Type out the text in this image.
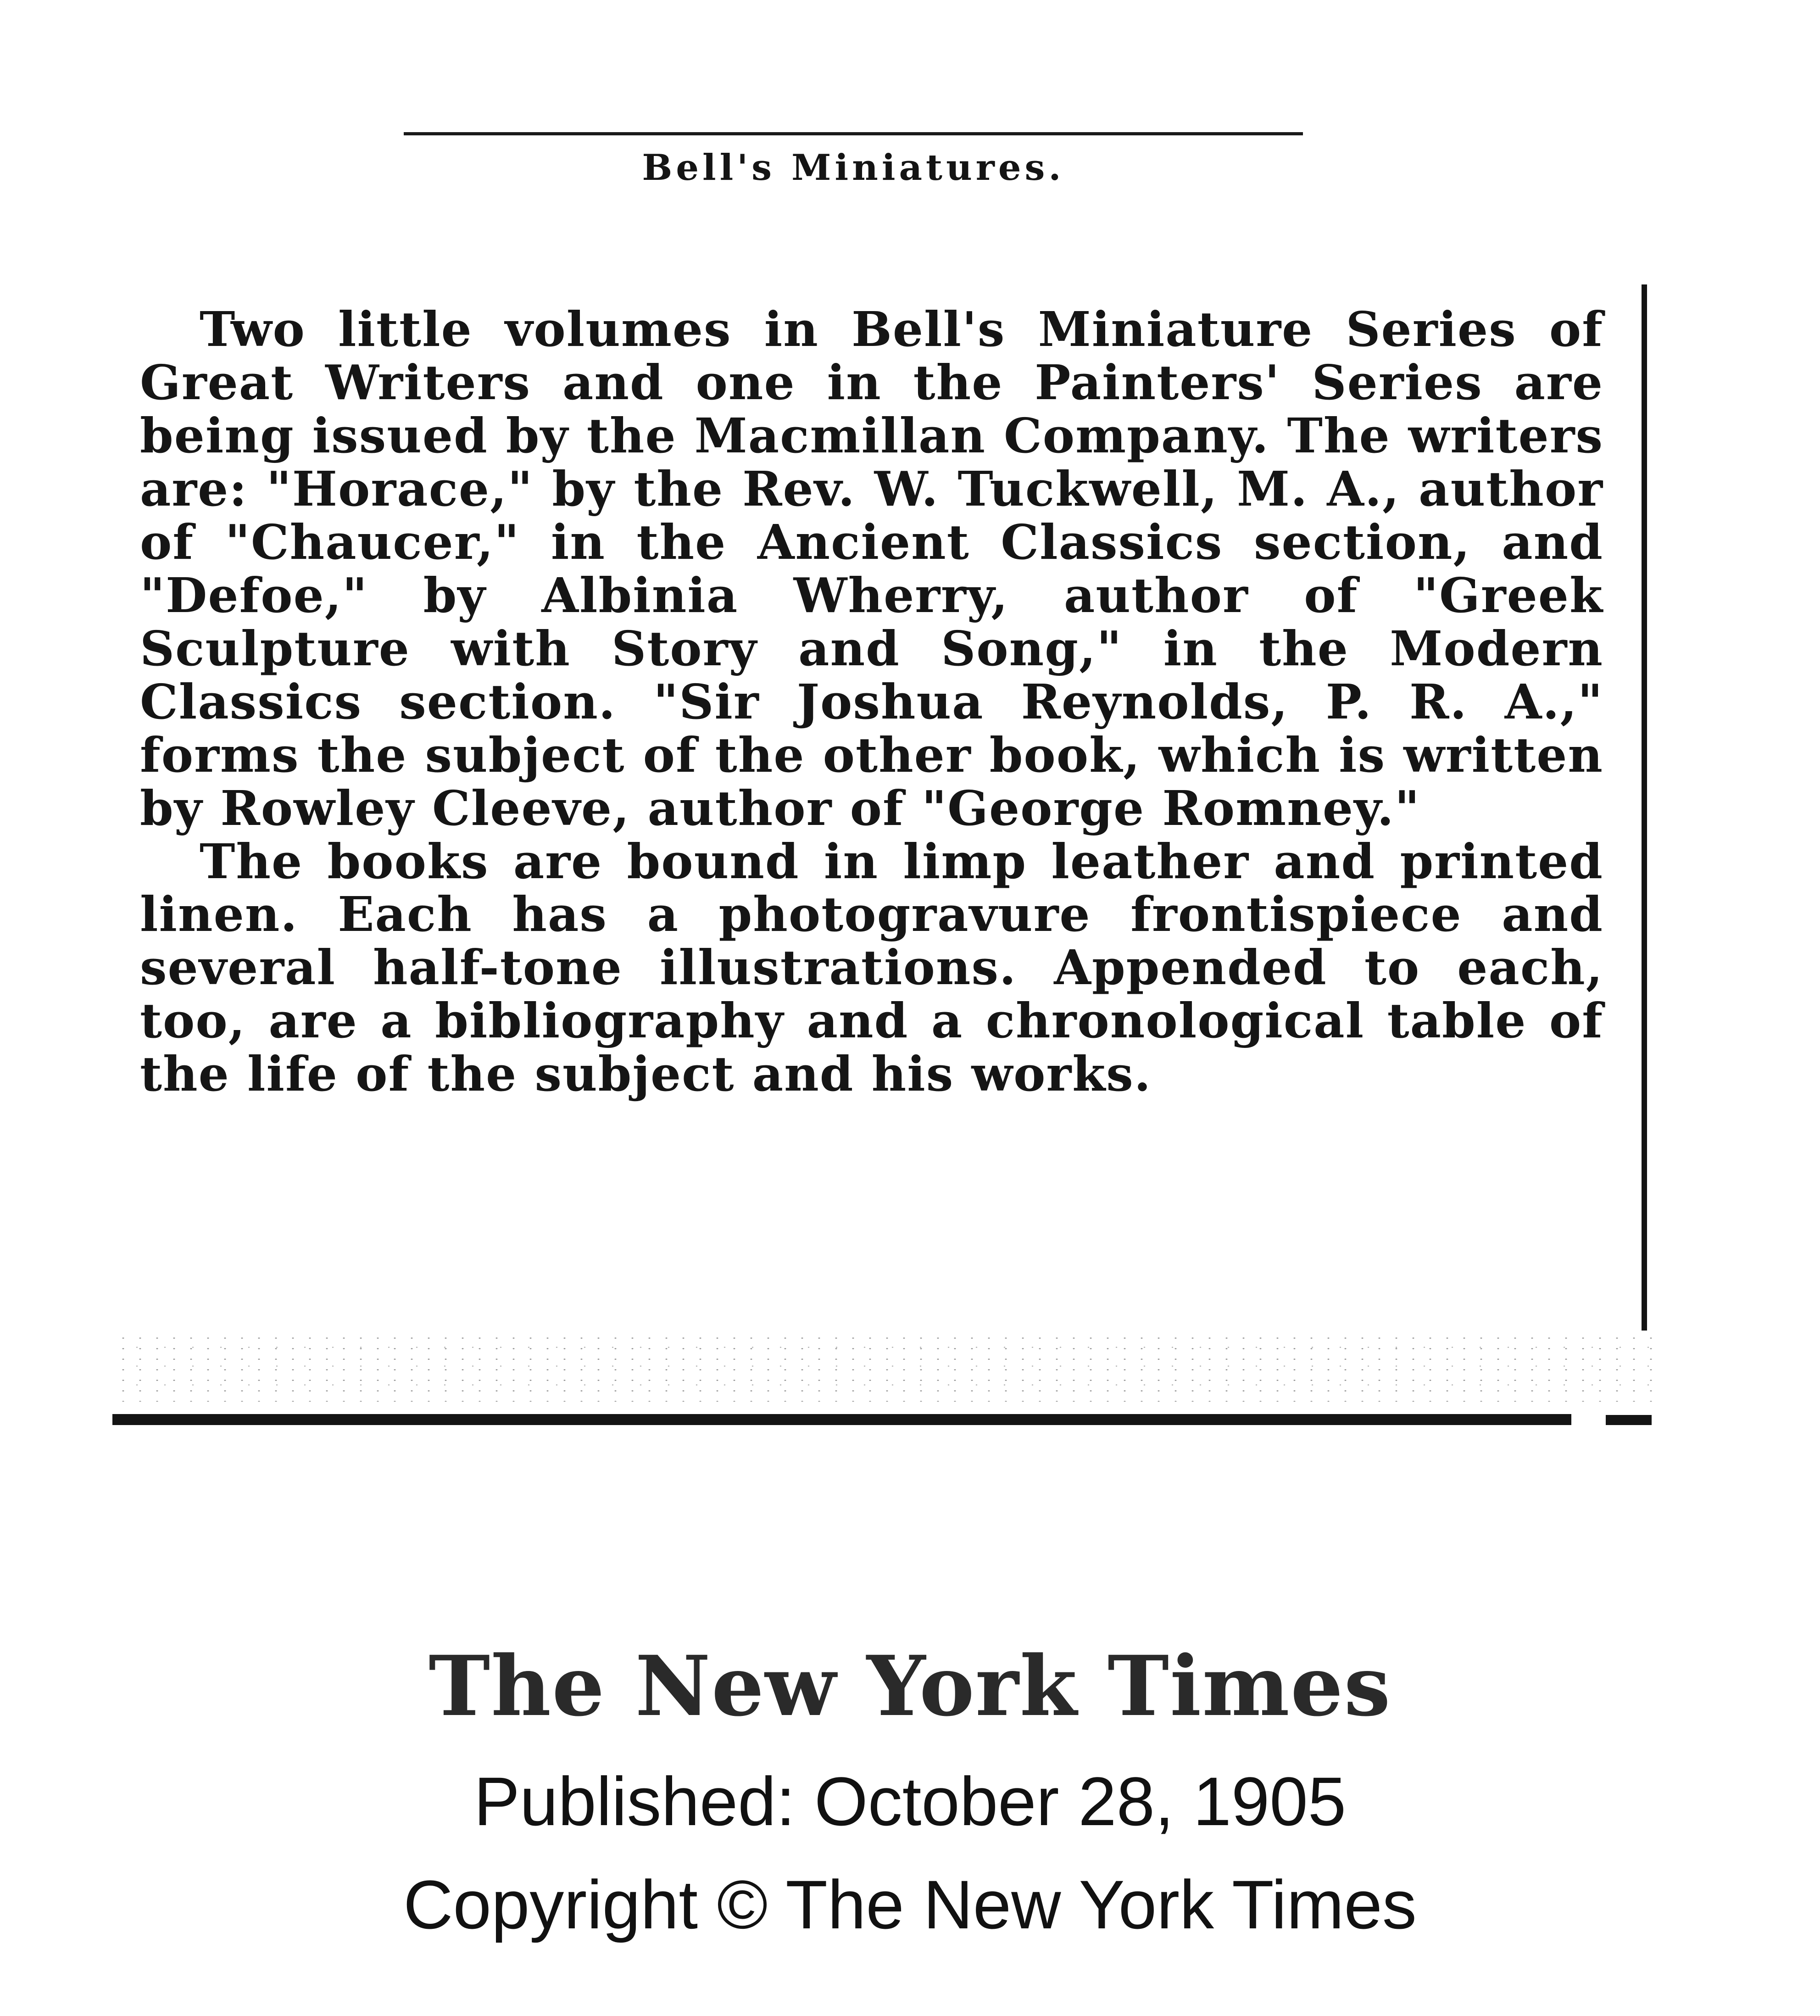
Bell's Miniatures.

Two little volumes in Bell's Miniature Series of Great Writers and one in the Painters' Series are being issued by the Macmillan Company. The writers are: "Horace," by the Rev. W. Tuckwell, M. A., author of "Chaucer," in the Ancient Classics section, and "Defoe," by Albinia Wherry, author of "Greek Sculpture with Story and Song," in the Modern Classics section. "Sir Joshua Reynolds, P. R. A.," forms the subject of the other book, which is written by Rowley Cleeve, author of "George Romney."

The books are bound in limp leather and printed linen. Each has a photogravure frontispiece and several half-tone illustrations. Appended to each, too, are a bibliography and a chronological table of the life of the subject and his works.

The New York Times
Published: October 28, 1905
Copyright © The New York Times
